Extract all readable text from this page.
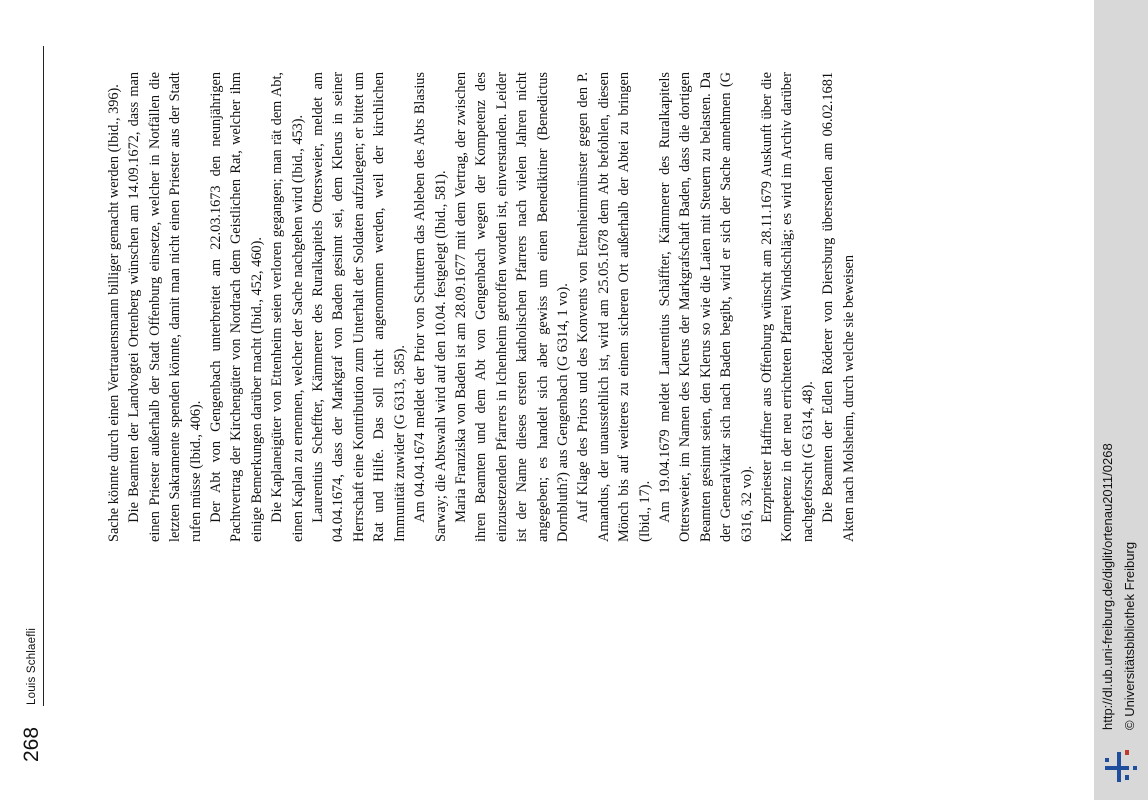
268
Louis Schlaefli

Sache könnte durch einen Vertrauensmann billiger gemacht werden (Ibid., 396). Die Beamten der Landvogtei Ortenberg wünschen am 14.09.1672, dass man einen Priester außerhalb der Stadt Offenburg einsetze, welcher in Notfällen die letzten Sakramente spenden könnte, damit man nicht einen Priester aus der Stadt rufen müsse (Ibid., 406). Der Abt von Gengenbach unterbreitet am 22.03.1673 den neunjährigen Pachtvertrag der Kirchengüter von Nordrach dem Geistlichen Rat, welcher ihm einige Bemerkungen darüber macht (Ibid., 452, 460). Die Kaplaneigüter von Ettenheim seien verloren gegangen; man rät dem Abt, einen Kaplan zu ernennen, welcher der Sache nachgehen wird (Ibid., 453). Laurentius Scheffter, Kämmerer des Ruralkapitels Ottersweier, meldet am 04.04.1674, dass der Markgraf von Baden gesinnt sei, dem Klerus in seiner Herrschaft eine Kontribution zum Unterhalt der Soldaten aufzulegen; er bittet um Rat und Hilfe. Das soll nicht angenommen werden, weil der kirchlichen Immunität zuwider (G 6313, 585). Am 04.04.1674 meldet der Prior von Schuttern das Ableben des Abts Blasius Sarway; die Abtswahl wird auf den 10.04. festgelegt (Ibid., 581). Maria Franziska von Baden ist am 28.09.1677 mit dem Vertrag, der zwischen ihren Beamten und dem Abt von Gengenbach wegen der Kompetenz des einzusetzenden Pfarrers in Ichenheim getroffen worden ist, einverstanden. Leider ist der Name dieses ersten katholischen Pfarrers nach vielen Jahren nicht angegeben; es handelt sich aber gewiss um einen Benediktiner (Benedictus Dornbluth?) aus Gengenbach (G 6314, 1 vo). Auf Klage des Priors und des Konvents von Ettenheimmünster gegen den P. Amandus, der unausstehlich ist, wird am 25.05.1678 dem Abt befohlen, diesen Mönch bis auf weiteres zu einem sicheren Ort außerhalb der Abtei zu bringen (Ibid., 17). Am 19.04.1679 meldet Laurentius Schäffter, Kämmerer des Ruralkapitels Ottersweier, im Namen des Klerus der Markgrafschaft Baden, dass die dortigen Beamten gesinnt seien, den Klerus so wie die Laien mit Steuern zu belasten. Da der Generalvikar sich nach Baden begibt, wird er sich der Sache annehmen (G 6316, 32 vo). Erzpriester Haffner aus Offenburg wünscht am 28.11.1679 Auskunft über die Kompetenz in der neu errichteten Pfarrei Windschläg; es wird im Archiv darüber nachgeforscht (G 6314, 48). Die Beamten der Edlen Röderer von Diersburg übersenden am 06.02.1681 Akten nach Molsheim, durch welche sie beweisen

http://dl.ub.uni-freiburg.de/diglit/ortenau2011/0268 © Universitätsbibliothek Freiburg
